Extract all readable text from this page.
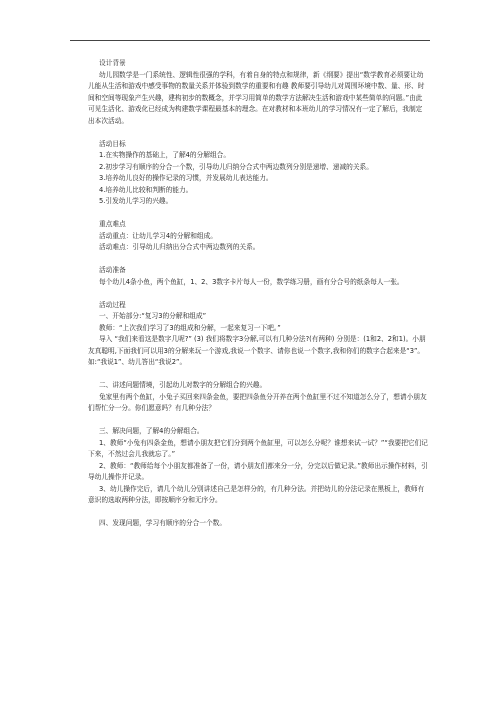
设计背景

幼儿园数学是一门系统性、逻辑性很强的学科，有着自身的特点和规律，新《纲要》提出“数学教育必须要让幼儿能从生活和游戏中感受事物的数量关系并体验到数学的重要和有趣 教师要引导幼儿对周围环境中数、量、形、时间和空间等现象产生兴趣，建构初步的数概念，并学习用简单的数学方法解决生活和游戏中某些简单的问题。”由此可见生活化、游戏化已经成为构建数学课程最基本的理念。在对教材和本班幼儿的学习情况有一定了解后，我制定出本次活动。

活动目标

1.在实物操作的基础上，了解4的分解组合。

2.初步学习有顺序的分合一个数，引导幼儿归纳分合式中两边数列分别是递增、递减的关系。

3.培养幼儿良好的操作记录的习惯，并发展幼儿表达能力。

4.培养幼儿比较和判断的能力。

5.引发幼儿学习的兴趣。

重点难点

活动重点：让幼儿学习4的分解和组成。

活动难点：引导幼儿归纳出分合式中两边数列的关系。

活动准备

每个幼儿4条小鱼，两个鱼缸，1、2、3数字卡片每人一份，数学练习册，画有分合号的纸条每人一张。

活动过程

一、开始部分:“复习3的分解和组成”

教师：“上次我们学习了3的组成和分解，一起来复习一下吧。”

导入 “我们来看这是数字几呢?” (3) 我们将数字3分解,可以有几种分法?(有两种) 分别是：(1和2、2和1)。小朋友真聪明,下面我们可以用3的分解来玩一个游戏,我说一个数字、请你也说一个数字,我和你们的数字合起来是“3”。如:“我说1”、幼儿答出“我说2”。

二、讲述问题情境，引起幼儿对数字的分解组合的兴趣。

兔家里有两个鱼缸，小兔子买回来四条金鱼，要把四条鱼分开养在两个鱼缸里不过不知道怎么分了，想请小朋友们帮忙分一分。你们愿意吗？有几种分法？

三、解决问题，了解4的分解组合。

1、教师“小兔有四条金鱼，想请小朋友把它们分到两个鱼缸里，可以怎么分呢？谁想来试一试？”“我要把它们记下来，不然过会儿我就忘了。”

2、教师：“教师给每个小朋友都准备了一份，请小朋友们都来分一分，分完以后做记录。”教师出示操作材料，引导幼儿操作并记录。

3、幼儿操作完后，请几个幼儿分别讲述自己是怎样分的，有几种分法。并把幼儿的分法记录在黑板上，教师有意识的选取两种分法，即按顺序分和无序分。

四、发现问题，学习有顺序的分合一个数。
